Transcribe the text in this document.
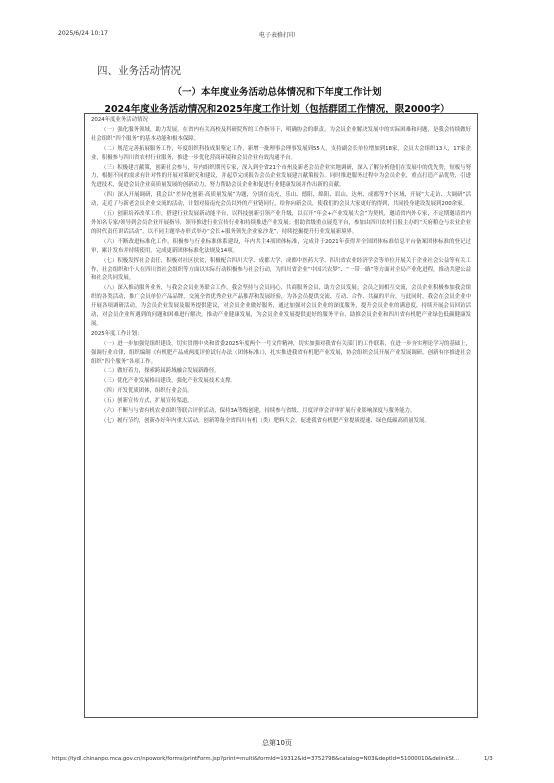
2025/6/24 10:17	电子表格打印
四、业务活动情况
（一）本年度业务活动总体情况和下年度工作计划
2024年度业务活动情况和2025年度工作计划（包括群团工作情况，限2000字）

2024年度业务活动情况

（一）强化服务领域，助力发展。在省内有关高校及科研院所的工作指导下，明确协会的职责，为会员企业解决发展中的实际困难和问题，是我会持续做好社会组织“四个服务”的基本功能和根本保障。

（二）规范完善拓展服务工作，年度组织科技成果鉴定工作，新增一批理事会理事发展到55人，支持副会长单位增加到18家，会员大会组织13人，17家企业，积极参与四川省农村行业服务，推进一步优化营商环境和会员企业有效沟通平台。

（三）积极建言献策，创新社会参与，年内组织期刊专家，深入到全省21个市州及新老会员企业实地调研，深入了解分析他们在发展中的优先势，短板与努力，根据不同的需求有针对性的开展对策研究和建议，并起草完成报告会员企业发展建言献策报告。同时推进服务过程中为会员企业，重点打造产品优势，引进先进技术，促进会员企业高质量发展的创新动力，努力帮助会员企业和促进行业健康发展并作出新的贡献。

（四）深入开展调研，我会以“差异化创新·高质量发展”为题，分别在南充、乐山、德阳、绵阳、眉山、达州、成都等7个区域，开展“大走访、大调研”活动，走近了与新老会员企业交流的活动，计划对接南充会员以外的产业链同行，给你向新会员，使我们的会员大家更好的得到，共同投身建设发展到200余家。

（五）创新培养改革工作，搭建行业发展新动能平台，以科技创新引领产业升级，以召开“年会+产业发展大会”为契机，邀请省内外专家，不定期邀请省内外知名专家/领导到会员企业开展指导，领导推进行业宣传行业和持续推进产业发展；借助省级重点展览平台，参加由四川农村日报主办的“天府粮仓与农业企业的时代责任讲话活动”，以不同主题举办形式举办“会长+服务领先企业家沙龙”，持续挖掘提升行业发展新境界。

（六）不断改进标准化工作，积极参与行业标准体系建设，年内共主4项团体标准，完成并于2021年获得并全国团体标准信息平台备案团体标准的登记过审，累计发布并持续使用，完成更新团体标准化法规及14项。

（七）积极发挥社会责任，积极对社区扶贫，积极配合四川大学、成都大学、成都中医药大学、四川省农业经济学会等单位开展关于企业社会公益等有关工作，社会组织和个人在四川省社会组织等方面以实际行动积极参与社会行动，为四川省企业“中国兴农梦”、“一带一路”等方面对全局产业化进程，推动共建公益和社会共同发展。

（八）深入推动服务业务，与我会会员业务联合工作，我会坚持与会员同心，共商服务会员，助力会员发展；会员之间相互交流，会员企业积极参加我会组织的各类活动，推广会员单位产品品牌，交流全省优秀企业产品推荐和发展经验，为各会员提供交流、互动、合作、共赢的平台，与此同时，我会在会员企业中开展各项调研活动，为会员企业发展及服务提供建议，对会员企业做好服务，通过加强对会员企业的深度服务，提升会员企业的满意度，持续开展会员回访活动，对会员企业所遇到的问题和困难进行解决，推动产业健康发展，为会员企业发展提供更好的服务平台，助推会员企业和四川省有机肥产业绿色低碳健康发展。

2025年度工作计划：

（一）进一步加强党组织建设，切实贯彻中央和省委2025年度两个一号文件精神，切实加强对我省有关部门的工作联系，在进一步夯实理论学习的基础上，强调行业自律，组织编制《有机肥产品成两度评价试行办法（团体标准）》，扎实推进我省有机肥产业发展，协会组织会员开展产业发展调研，创新有序推进社会组织“四个服务”各项工作。

（二）做好着力，探索跨届跨域融合发展新路径。

（三）优化产业发展格局建设，强化产业发展技术支撑。

（四）开发优质团体，组织行业会员。

（五）创新宣传方式，扩展宣传渠道。

（六）不断与与省有机农业组织等联合评价活动，保持3A等级创建，持续参与省级、月度评审会评审扩展行业影响深度与服务能力。

（七）履行节约，创新办好年内重大活动，创新筹备全省四川有机（类）肥料大会，促进我省有机肥产业提质提速、绿色低碳高质量发展。

总第10页
https://tydl.chinanpo.mca.gov.cn/npowork/forms/printForm.jsp?print=multi&formId=19312&id=3752798&catalog=N03&deptId=51000010&delinkSt...	1/3
